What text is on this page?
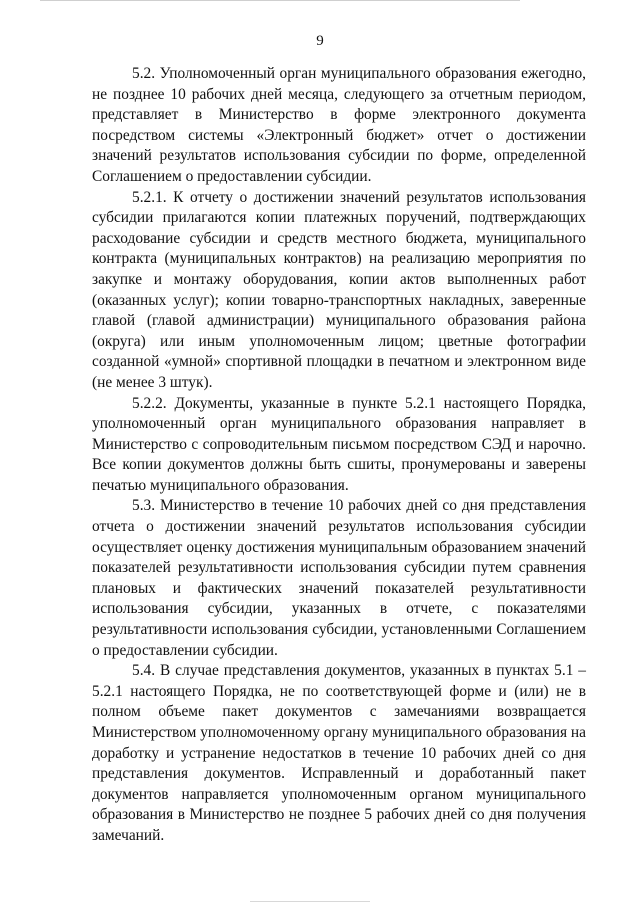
9

5.2. Уполномоченный орган муниципального образования ежегодно, не позднее 10 рабочих дней месяца, следующего за отчетным периодом, представляет в Министерство в форме электронного документа посредством системы «Электронный бюджет» отчет о достижении значений результатов использования субсидии по форме, определенной Соглашением о предоставлении субсидии.

5.2.1. К отчету о достижении значений результатов использования субсидии прилагаются копии платежных поручений, подтверждающих расходование субсидии и средств местного бюджета, муниципального контракта (муниципальных контрактов) на реализацию мероприятия по закупке и монтажу оборудования, копии актов выполненных работ (оказанных услуг); копии товарно-транспортных накладных, заверенные главой (главой администрации) муниципального образования района (округа) или иным уполномоченным лицом; цветные фотографии созданной «умной» спортивной площадки в печатном и электронном виде (не менее 3 штук).

5.2.2. Документы, указанные в пункте 5.2.1 настоящего Порядка, уполномоченный орган муниципального образования направляет в Министерство с сопроводительным письмом посредством СЭД и нарочно. Все копии документов должны быть сшиты, пронумерованы и заверены печатью муниципального образования.

5.3. Министерство в течение 10 рабочих дней со дня представления отчета о достижении значений результатов использования субсидии осуществляет оценку достижения муниципальным образованием значений показателей результативности использования субсидии путем сравнения плановых и фактических значений показателей результативности использования субсидии, указанных в отчете, с показателями результативности использования субсидии, установленными Соглашением о предоставлении субсидии.

5.4. В случае представления документов, указанных в пунктах 5.1 – 5.2.1 настоящего Порядка, не по соответствующей форме и (или) не в полном объеме пакет документов с замечаниями возвращается Министерством уполномоченному органу муниципального образования на доработку и устранение недостатков в течение 10 рабочих дней со дня представления документов. Исправленный и доработанный пакет документов направляется уполномоченным органом муниципального образования в Министерство не позднее 5 рабочих дней со дня получения замечаний.
